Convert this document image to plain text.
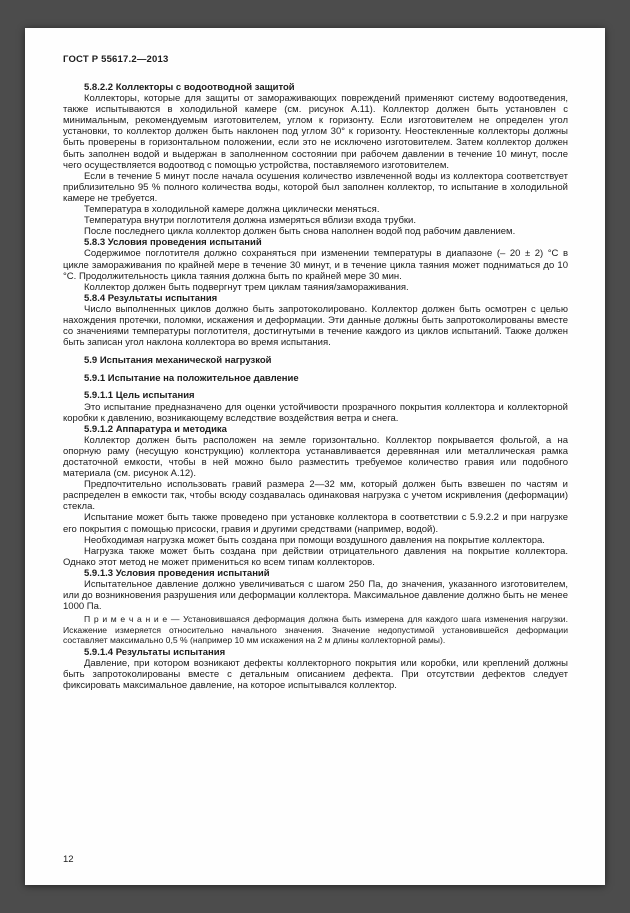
ГОСТ Р 55617.2—2013
5.8.2.2 Коллекторы с водоотводной защитой

Коллекторы, которые для защиты от замораживающих повреждений применяют систему водоотведения, также испытываются в холодильной камере (см. рисунок А.11). Коллектор должен быть установлен с минимальным, рекомендуемым изготовителем, углом к горизонту. Если изготовителем не определен угол установки, то коллектор должен быть наклонен под углом 30° к горизонту. Неостекленные коллекторы должны быть проверены в горизонтальном положении, если это не исключено изготовителем. Затем коллектор должен быть заполнен водой и выдержан в заполненном состоянии при рабочем давлении в течение 10 минут, после чего осуществляется водоотвод с помощью устройства, поставляемого изготовителем.

Если в течение 5 минут после начала осушения количество извлеченной воды из коллектора соответствует приблизительно 95 % полного количества воды, которой был заполнен коллектор, то испытание в холодильной камере не требуется.

Температура в холодильной камере должна циклически меняться.

Температура внутри поглотителя должна измеряться вблизи входа трубки.

После последнего цикла коллектор должен быть снова наполнен водой под рабочим давлением.

5.8.3 Условия проведения испытаний

Содержимое поглотителя должно сохраняться при изменении температуры в диапазоне (– 20 ± 2) °С в цикле замораживания по крайней мере в течение 30 минут, и в течение цикла таяния может подниматься до 10 °С. Продолжительность цикла таяния должна быть по крайней мере 30 мин.

Коллектор должен быть подвергнут трем циклам таяния/замораживания.

5.8.4 Результаты испытания

Число выполненных циклов должно быть запротоколировано. Коллектор должен быть осмотрен с целью нахождения протечки, поломки, искажения и деформации. Эти данные должны быть запротоколированы вместе со значениями температуры поглотителя, достигнутыми в течение каждого из циклов испытаний. Также должен быть записан угол наклона коллектора во время испытания.

5.9 Испытания механической нагрузкой
5.9.1 Испытание на положительное давление
5.9.1.1 Цель испытания

Это испытание предназначено для оценки устойчивости прозрачного покрытия коллектора и коллекторной коробки к давлению, возникающему вследствие воздействия ветра и снега.

5.9.1.2 Аппаратура и методика

Коллектор должен быть расположен на земле горизонтально. Коллектор покрывается фольгой, а на опорную раму (несущую конструкцию) коллектора устанавливается деревянная или металлическая рамка достаточной емкости, чтобы в ней можно было разместить требуемое количество гравия или подобного материала (см. рисунок А.12).

Предпочтительно использовать гравий размера 2—32 мм, который должен быть взвешен по частям и распределен в емкости так, чтобы всюду создавалась одинаковая нагрузка с учетом искривления (деформации) стекла.

Испытание может быть также проведено при установке коллектора в соответствии с 5.9.2.2 и при нагрузке его покрытия с помощью присоски, гравия и другими средствами (например, водой).

Необходимая нагрузка может быть создана при помощи воздушного давления на покрытие коллектора.

Нагрузка также может быть создана при действии отрицательного давления на покрытие коллектора. Однако этот метод не может примениться ко всем типам коллекторов.

5.9.1.3 Условия проведения испытаний

Испытательное давление должно увеличиваться с шагом 250 Па, до значения, указанного изготовителем, или до возникновения разрушения или деформации коллектора. Максимальное давление должно быть не менее 1000 Па.

П р и м е ч а н и е — Установившаяся деформация должна быть измерена для каждого шага изменения нагрузки. Искажение измеряется относительно начального значения. Значение недопустимой установившейся деформации составляет максимально 0,5 % (например 10 мм искажения на 2 м длины коллекторной рамы).

5.9.1.4 Результаты испытания

Давление, при котором возникают дефекты коллекторного покрытия или коробки, или креплений должны быть запротоколированы вместе с детальным описанием дефекта. При отсутствии дефектов следует фиксировать максимальное давление, на которое испытывался коллектор.

12
